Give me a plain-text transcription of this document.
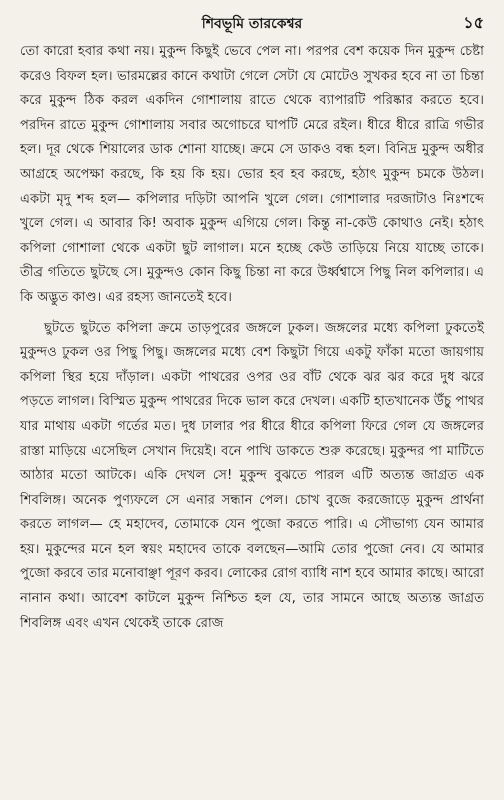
শিবভূমি তারকেশ্বর	১৫

তো কারো হবার কথা নয়। মুকুন্দ কিছুই ভেবে পেল না। পরপর বেশ কয়েক দিন মুকুন্দ চেষ্টা করেও বিফল হল। ভারমল্লের কানে কথাটা গেলে সেটা যে মোটেও সুখকর হবে না তা চিন্তা করে মুকুন্দ ঠিক করল একদিন গোশালায় রাতে থেকে ব্যাপারটি পরিষ্কার করতে হবে। পরদিন রাতে মুকুন্দ গোশালায় সবার অগোচরে ঘাপটি মেরে রইল। ধীরে ধীরে রাত্রি গভীর হল। দূর থেকে শিয়ালের ডাক শোনা যাচ্ছে। ক্রমে সে ডাকও বন্ধ হল। বিনিদ্র মুকুন্দ অধীর আগ্রহে অপেক্ষা করছে, কি হয় কি হয়। ভোর হব হব করছে, হঠাৎ মুকুন্দ চমকে উঠল। একটা মৃদু শব্দ হল— কপিলার দড়িটা আপনি খুলে গেল। গোশালার দরজাটাও নিঃশব্দে খুলে গেল। এ আবার কি! অবাক মুকুন্দ এগিয়ে গেল। কিন্তু না-কেউ কোথাও নেই। হঠাৎ কপিলা গোশালা থেকে একটা ছুট লাগাল। মনে হচ্ছে কেউ তাড়িয়ে নিয়ে যাচ্ছে তাকে। তীব্র গতিতে ছুটছে সে। মুকুন্দও কোন কিছু চিন্তা না করে উর্ধ্বশ্বাসে পিছু নিল কপিলার। এ কি অদ্ভুত কাণ্ড। এর রহস্য জানতেই হবে।

ছুটতে ছুটতে কপিলা ক্রমে তাড়পুরের জঙ্গলে ঢুকল। জঙ্গলের মধ্যে কপিলা ঢুকতেই মুকুন্দও ঢুকল ওর পিছু পিছু। জঙ্গলের মধ্যে বেশ কিছুটা গিয়ে একটু ফাঁকা মতো জায়গায় কপিলা স্থির হয়ে দাঁড়াল। একটা পাথরের ওপর ওর বাঁট থেকে ঝর ঝর করে দুধ ঝরে পড়তে লাগল। বিস্মিত মুকুন্দ পাথরের দিকে ভাল করে দেখল। একটি হাতখানেক উঁচু পাথর যার মাথায় একটা গর্তের মত। দুধ ঢালার পর ধীরে ধীরে কপিলা ফিরে গেল যে জঙ্গলের রাস্তা মাড়িয়ে এসেছিল সেখান দিয়েই। বনে পাখি ডাকতে শুরু করেছে। মুকুন্দর পা মাটিতে আঠার মতো আটকে। একি দেখল সে! মুকুন্দ বুঝতে পারল এটি অত্যন্ত জাগ্রত এক শিবলিঙ্গ। অনেক পুণ্যফলে সে এনার সন্ধান পেল। চোখ বুজে করজোড়ে মুকুন্দ প্রার্থনা করতে লাগল— হে মহাদেব, তোমাকে যেন পুজো করতে পারি। এ সৌভাগ্য যেন আমার হয়। মুকুন্দের মনে হল স্বয়ং মহাদেব তাকে বলছেন—আমি তোর পুজো নেব। যে আমার পুজো করবে তার মনোবাঞ্ছা পূরণ করব। লোকের রোগ ব্যাধি নাশ হবে আমার কাছে। আরো নানান কথা। আবেশ কাটলে মুকুন্দ নিশ্চিত হল যে, তার সামনে আছে অত্যন্ত জাগ্রত শিবলিঙ্গ এবং এখন থেকেই তাকে রোজ
